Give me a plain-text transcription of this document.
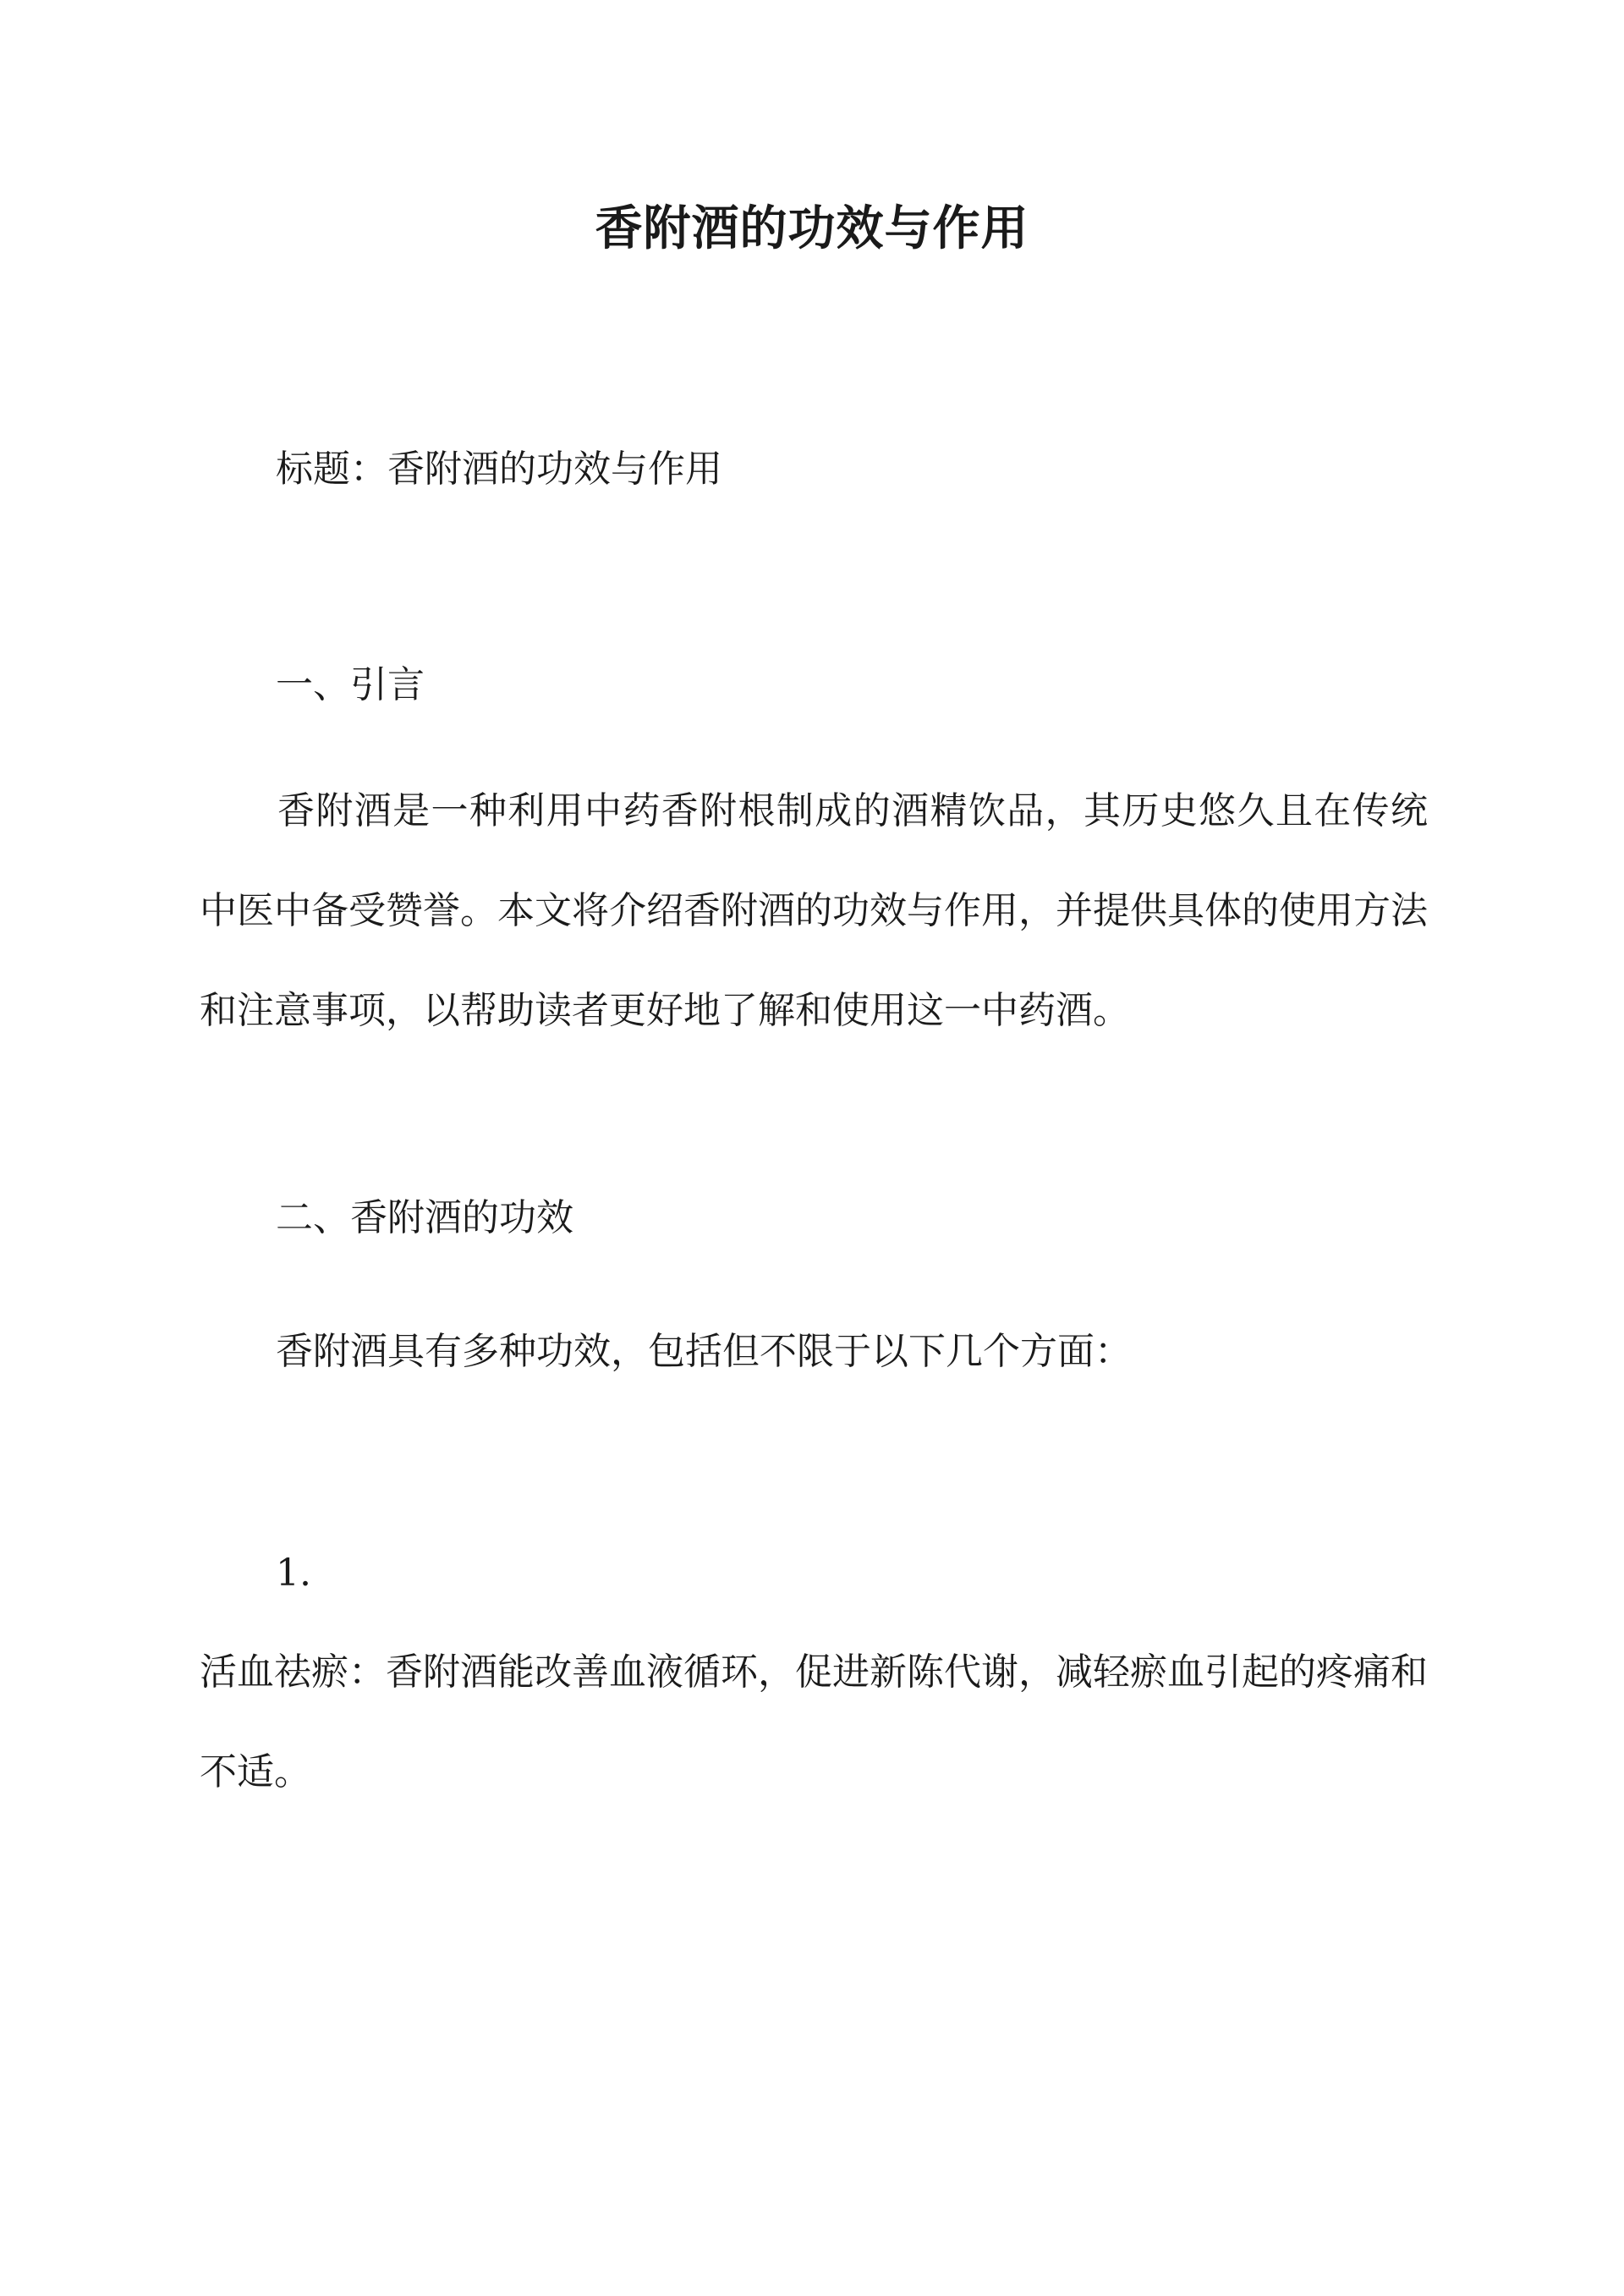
香附酒的功效与作用
标题：香附酒的功效与作用
一、引言
香附酒是一种利用中药香附根制成的酒精饮品，其历史悠久且在传统中医中备受赞誉。本文将介绍香附酒的功效与作用，并提供具体的使用方法和注意事项，以帮助读者更好地了解和使用这一中药酒。
二、香附酒的功效
香附酒具有多种功效，包括但不限于以下几个方面：
1.
活血祛瘀：香附酒能改善血液循环，促进新陈代谢，减轻瘀血引起的疼痛和不适。
